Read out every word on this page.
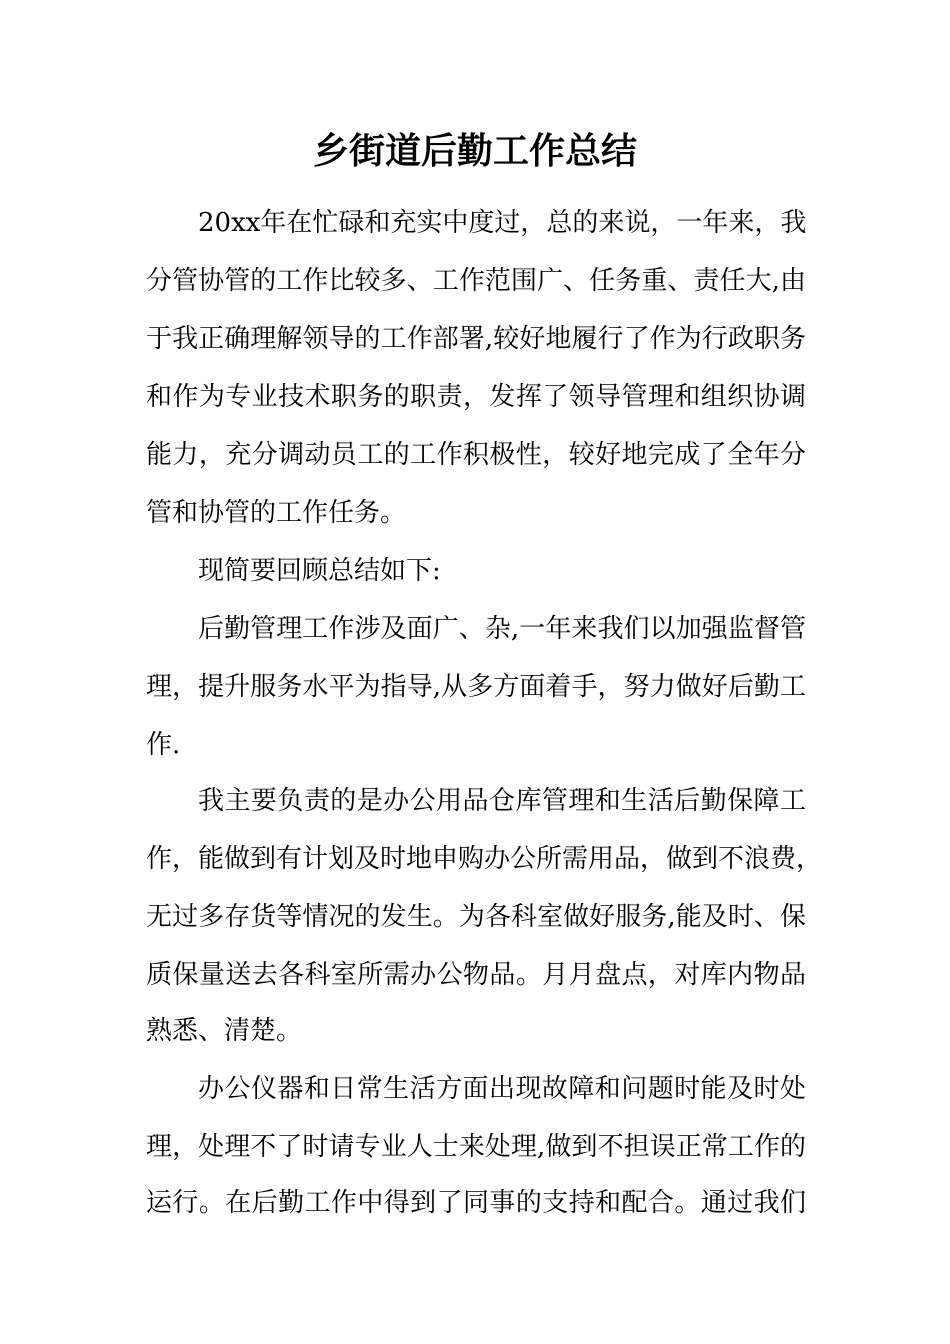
乡街道后勤工作总结

20xx年在忙碌和充实中度过，总的来说，一年来，我

分管协管的工作比较多、工作范围广、任务重、责任大,由

于我正确理解领导的工作部署,较好地履行了作为行政职务

和作为专业技术职务的职责，发挥了领导管理和组织协调

能力，充分调动员工的工作积极性，较好地完成了全年分

管和协管的工作任务。

现简要回顾总结如下:

后勤管理工作涉及面广、杂,一年来我们以加强监督管

理，提升服务水平为指导,从多方面着手，努力做好后勤工

作.

我主要负责的是办公用品仓库管理和生活后勤保障工

作，能做到有计划及时地申购办公所需用品，做到不浪费，

无过多存货等情况的发生。为各科室做好服务,能及时、保

质保量送去各科室所需办公物品。月月盘点，对库内物品

熟悉、清楚。

办公仪器和日常生活方面出现故障和问题时能及时处

理，处理不了时请专业人士来处理,做到不担误正常工作的

运行。在后勤工作中得到了同事的支持和配合。通过我们
